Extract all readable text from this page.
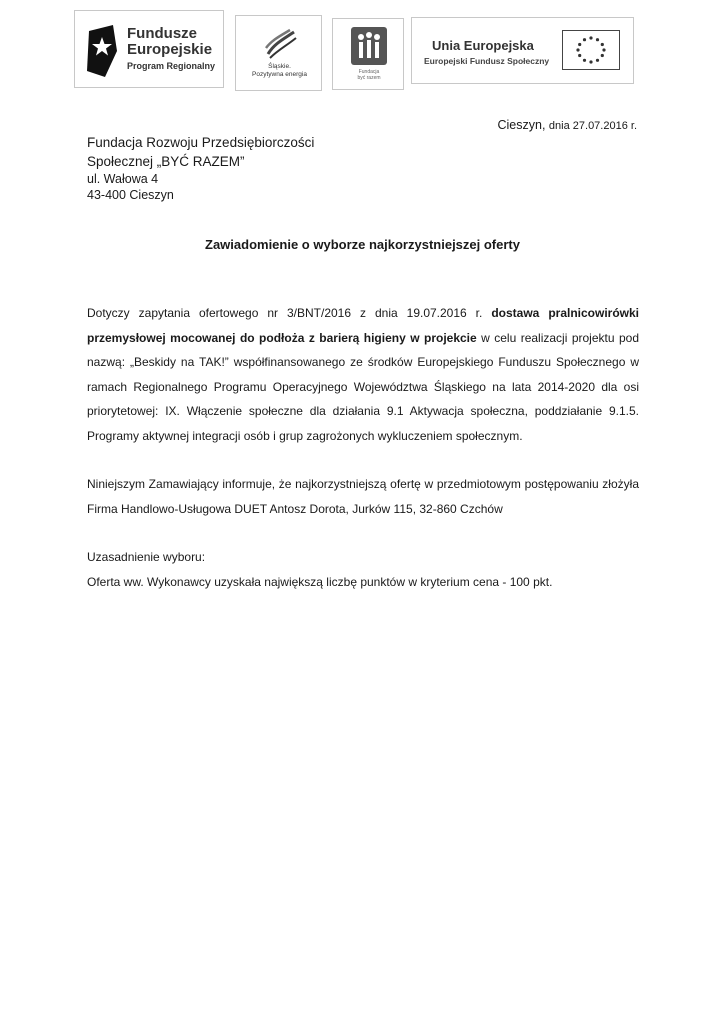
Fundusze
Europejskie
Program Regionalny	Śląskie.
Pozytywna energia	Fundacja
być razem
Unia Europejska
Europejski Fundusz Społeczny
Cieszyn, dnia 27.07.2016 r.
Fundacja Rozwoju Przedsiębiorczości
Społecznej „BYĆ RAZEM”
ul. Wałowa 4
43-400 Cieszyn
Zawiadomienie o wyborze najkorzystniejszej oferty

Dotyczy zapytania ofertowego nr 3/BNT/2016 z dnia 19.07.2016 r. dostawa pralnicowirówki przemysłowej mocowanej do podłoża z barierą higieny w projekcie w celu realizacji projektu pod nazwą: „Beskidy na TAK!” współfinansowanego ze środków Europejskiego Funduszu Społecznego w ramach Regionalnego Programu Operacyjnego Województwa Śląskiego na lata 2014-2020 dla osi priorytetowej: IX. Włączenie społeczne dla działania 9.1 Aktywacja społeczna, poddziałanie 9.1.5. Programy aktywnej integracji osób i grup zagrożonych wykluczeniem społecznym.

Niniejszym Zamawiający informuje, że najkorzystniejszą ofertę w przedmiotowym postępowaniu złożyła Firma Handlowo-Usługowa DUET Antosz Dorota, Jurków 115, 32-860 Czchów

Uzasadnienie wyboru:

Oferta ww. Wykonawcy uzyskała największą liczbę punktów w kryterium cena - 100 pkt.
